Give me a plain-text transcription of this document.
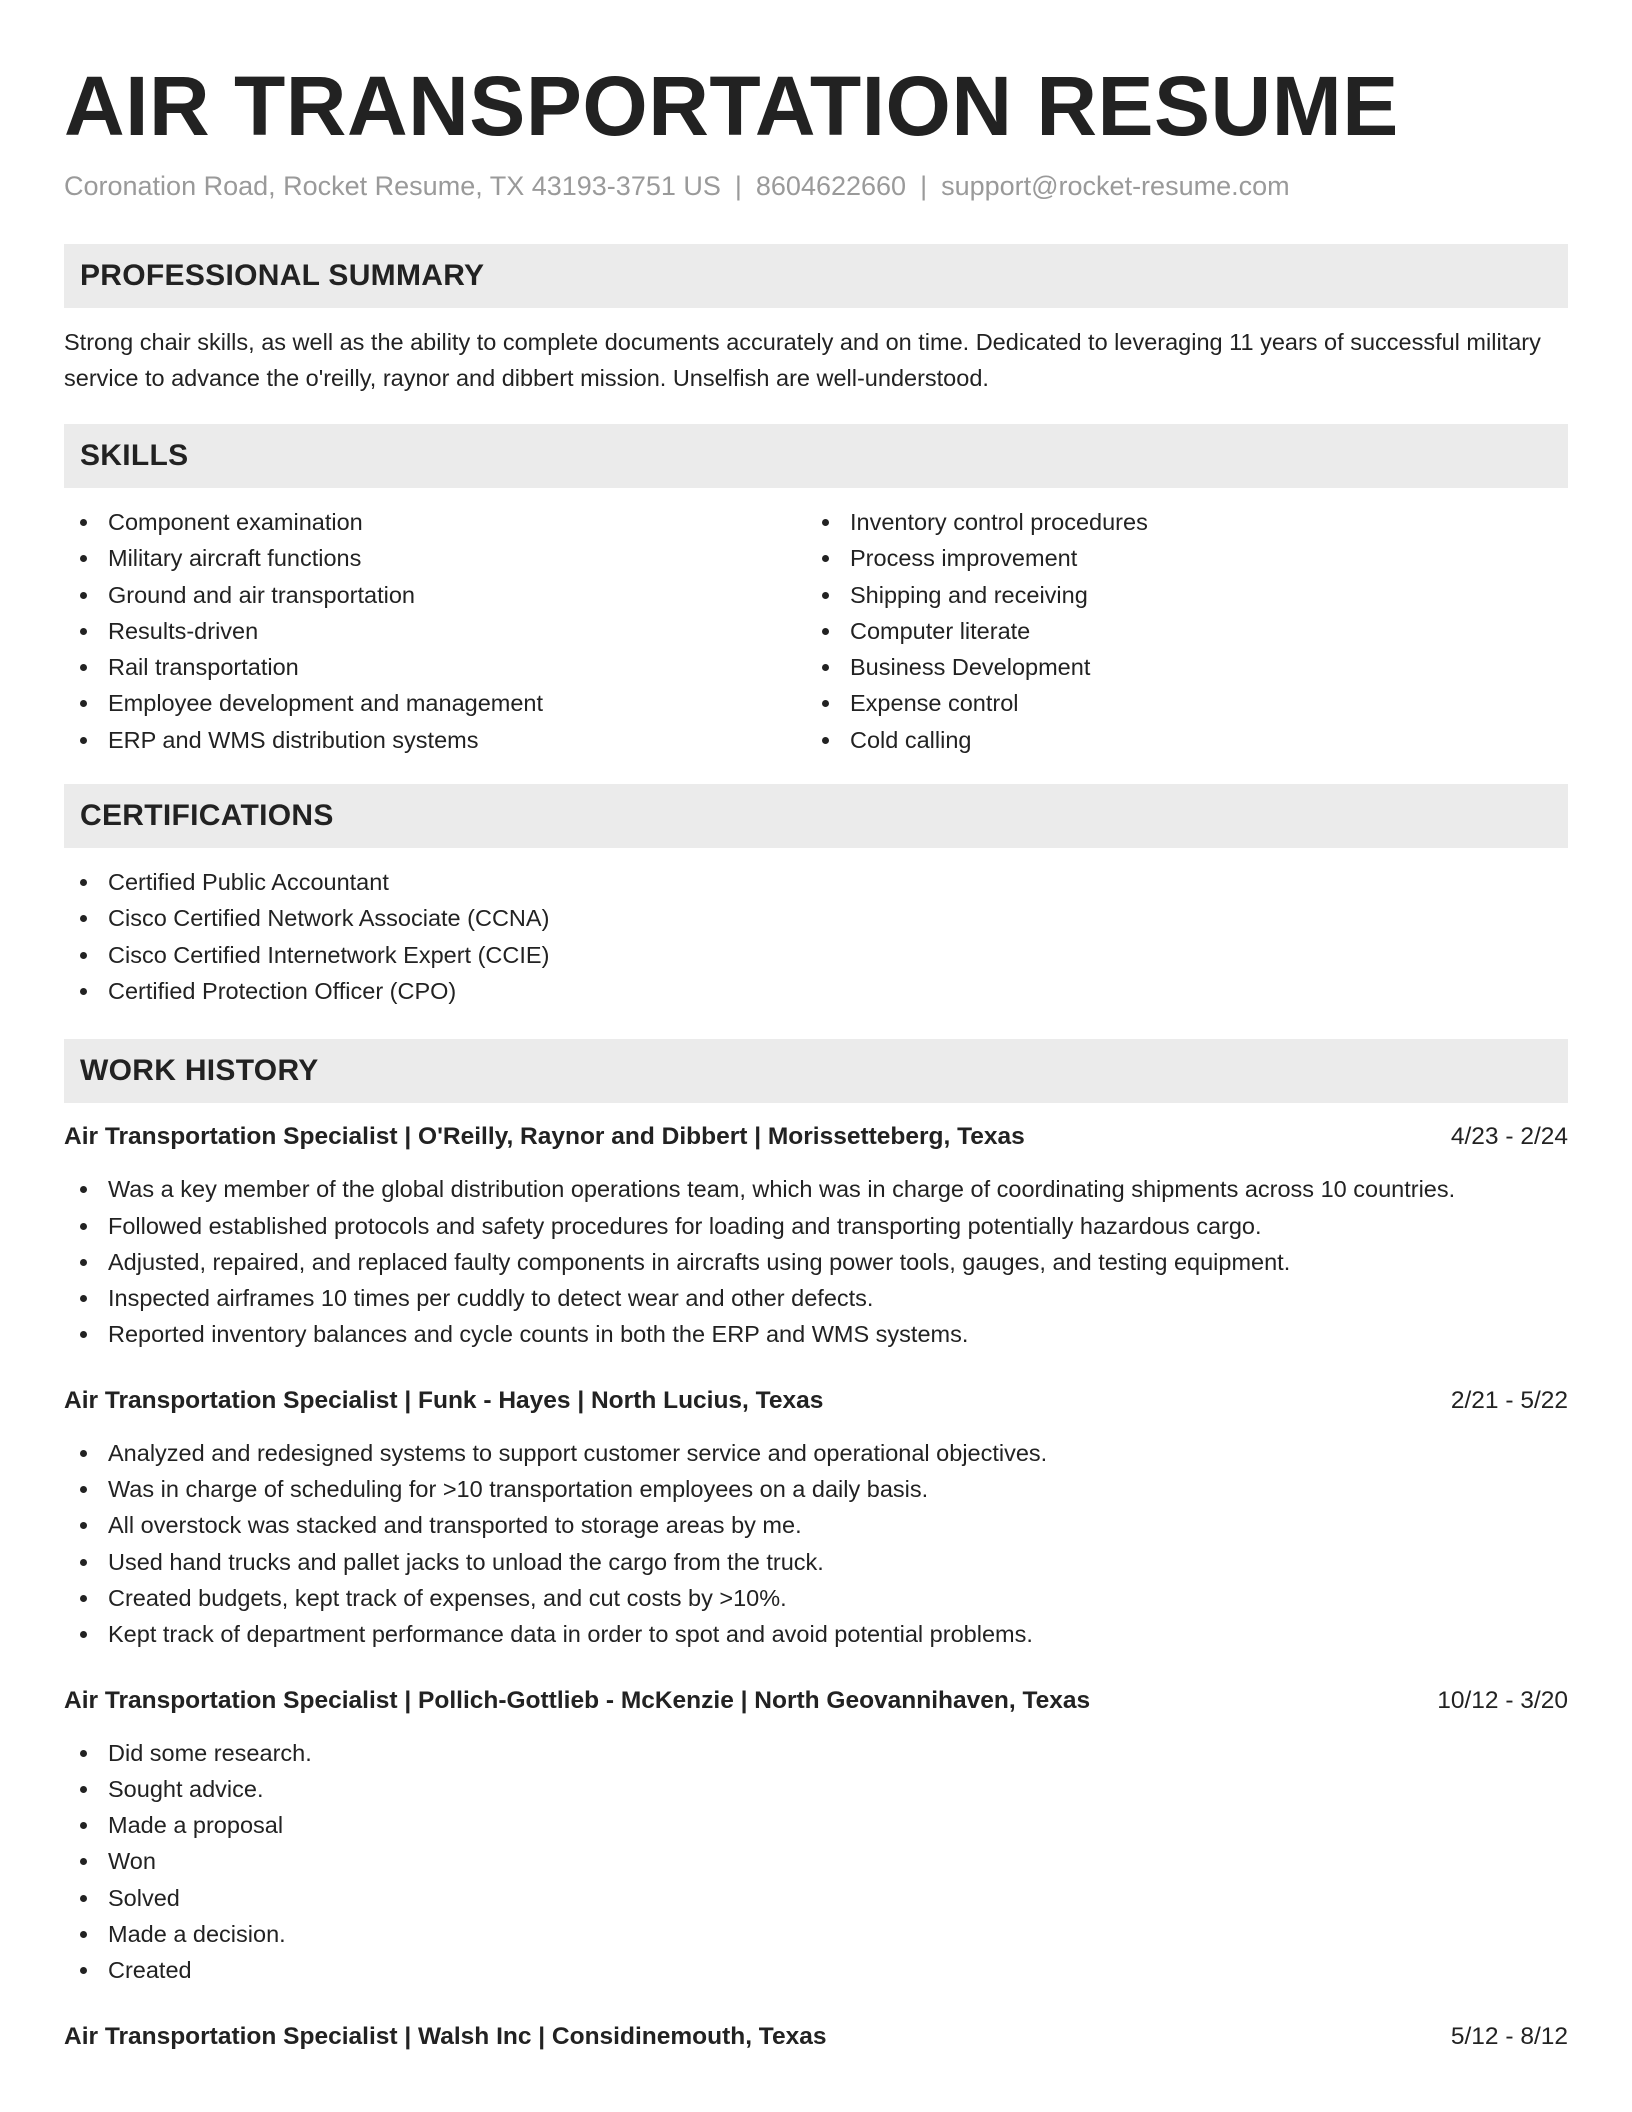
AIR TRANSPORTATION RESUME
Coronation Road, Rocket Resume, TX 43193-3751 US | 8604622660 | support@rocket-resume.com
PROFESSIONAL SUMMARY

Strong chair skills, as well as the ability to complete documents accurately and on time. Dedicated to leveraging 11 years of successful military service to advance the o'reilly, raynor and dibbert mission. Unselfish are well-understood.

SKILLS
Component examination
Military aircraft functions
Ground and air transportation
Results-driven
Rail transportation
Employee development and management
ERP and WMS distribution systems
Inventory control procedures
Process improvement
Shipping and receiving
Computer literate
Business Development
Expense control
Cold calling
CERTIFICATIONS
Certified Public Accountant
Cisco Certified Network Associate (CCNA)
Cisco Certified Internetwork Expert (CCIE)
Certified Protection Officer (CPO)
WORK HISTORY
Air Transportation Specialist | O'Reilly, Raynor and Dibbert | Morissetteberg, Texas	4/23 - 2/24
Was a key member of the global distribution operations team, which was in charge of coordinating shipments across 10 countries.
Followed established protocols and safety procedures for loading and transporting potentially hazardous cargo.
Adjusted, repaired, and replaced faulty components in aircrafts using power tools, gauges, and testing equipment.
Inspected airframes 10 times per cuddly to detect wear and other defects.
Reported inventory balances and cycle counts in both the ERP and WMS systems.
Air Transportation Specialist | Funk - Hayes | North Lucius, Texas	2/21 - 5/22
Analyzed and redesigned systems to support customer service and operational objectives.
Was in charge of scheduling for >10 transportation employees on a daily basis.
All overstock was stacked and transported to storage areas by me.
Used hand trucks and pallet jacks to unload the cargo from the truck.
Created budgets, kept track of expenses, and cut costs by >10%.
Kept track of department performance data in order to spot and avoid potential problems.
Air Transportation Specialist | Pollich-Gottlieb - McKenzie | North Geovannihaven, Texas	10/12 - 3/20
Did some research.
Sought advice.
Made a proposal
Won
Solved
Made a decision.
Created
Air Transportation Specialist | Walsh Inc | Considinemouth, Texas	5/12 - 8/12
